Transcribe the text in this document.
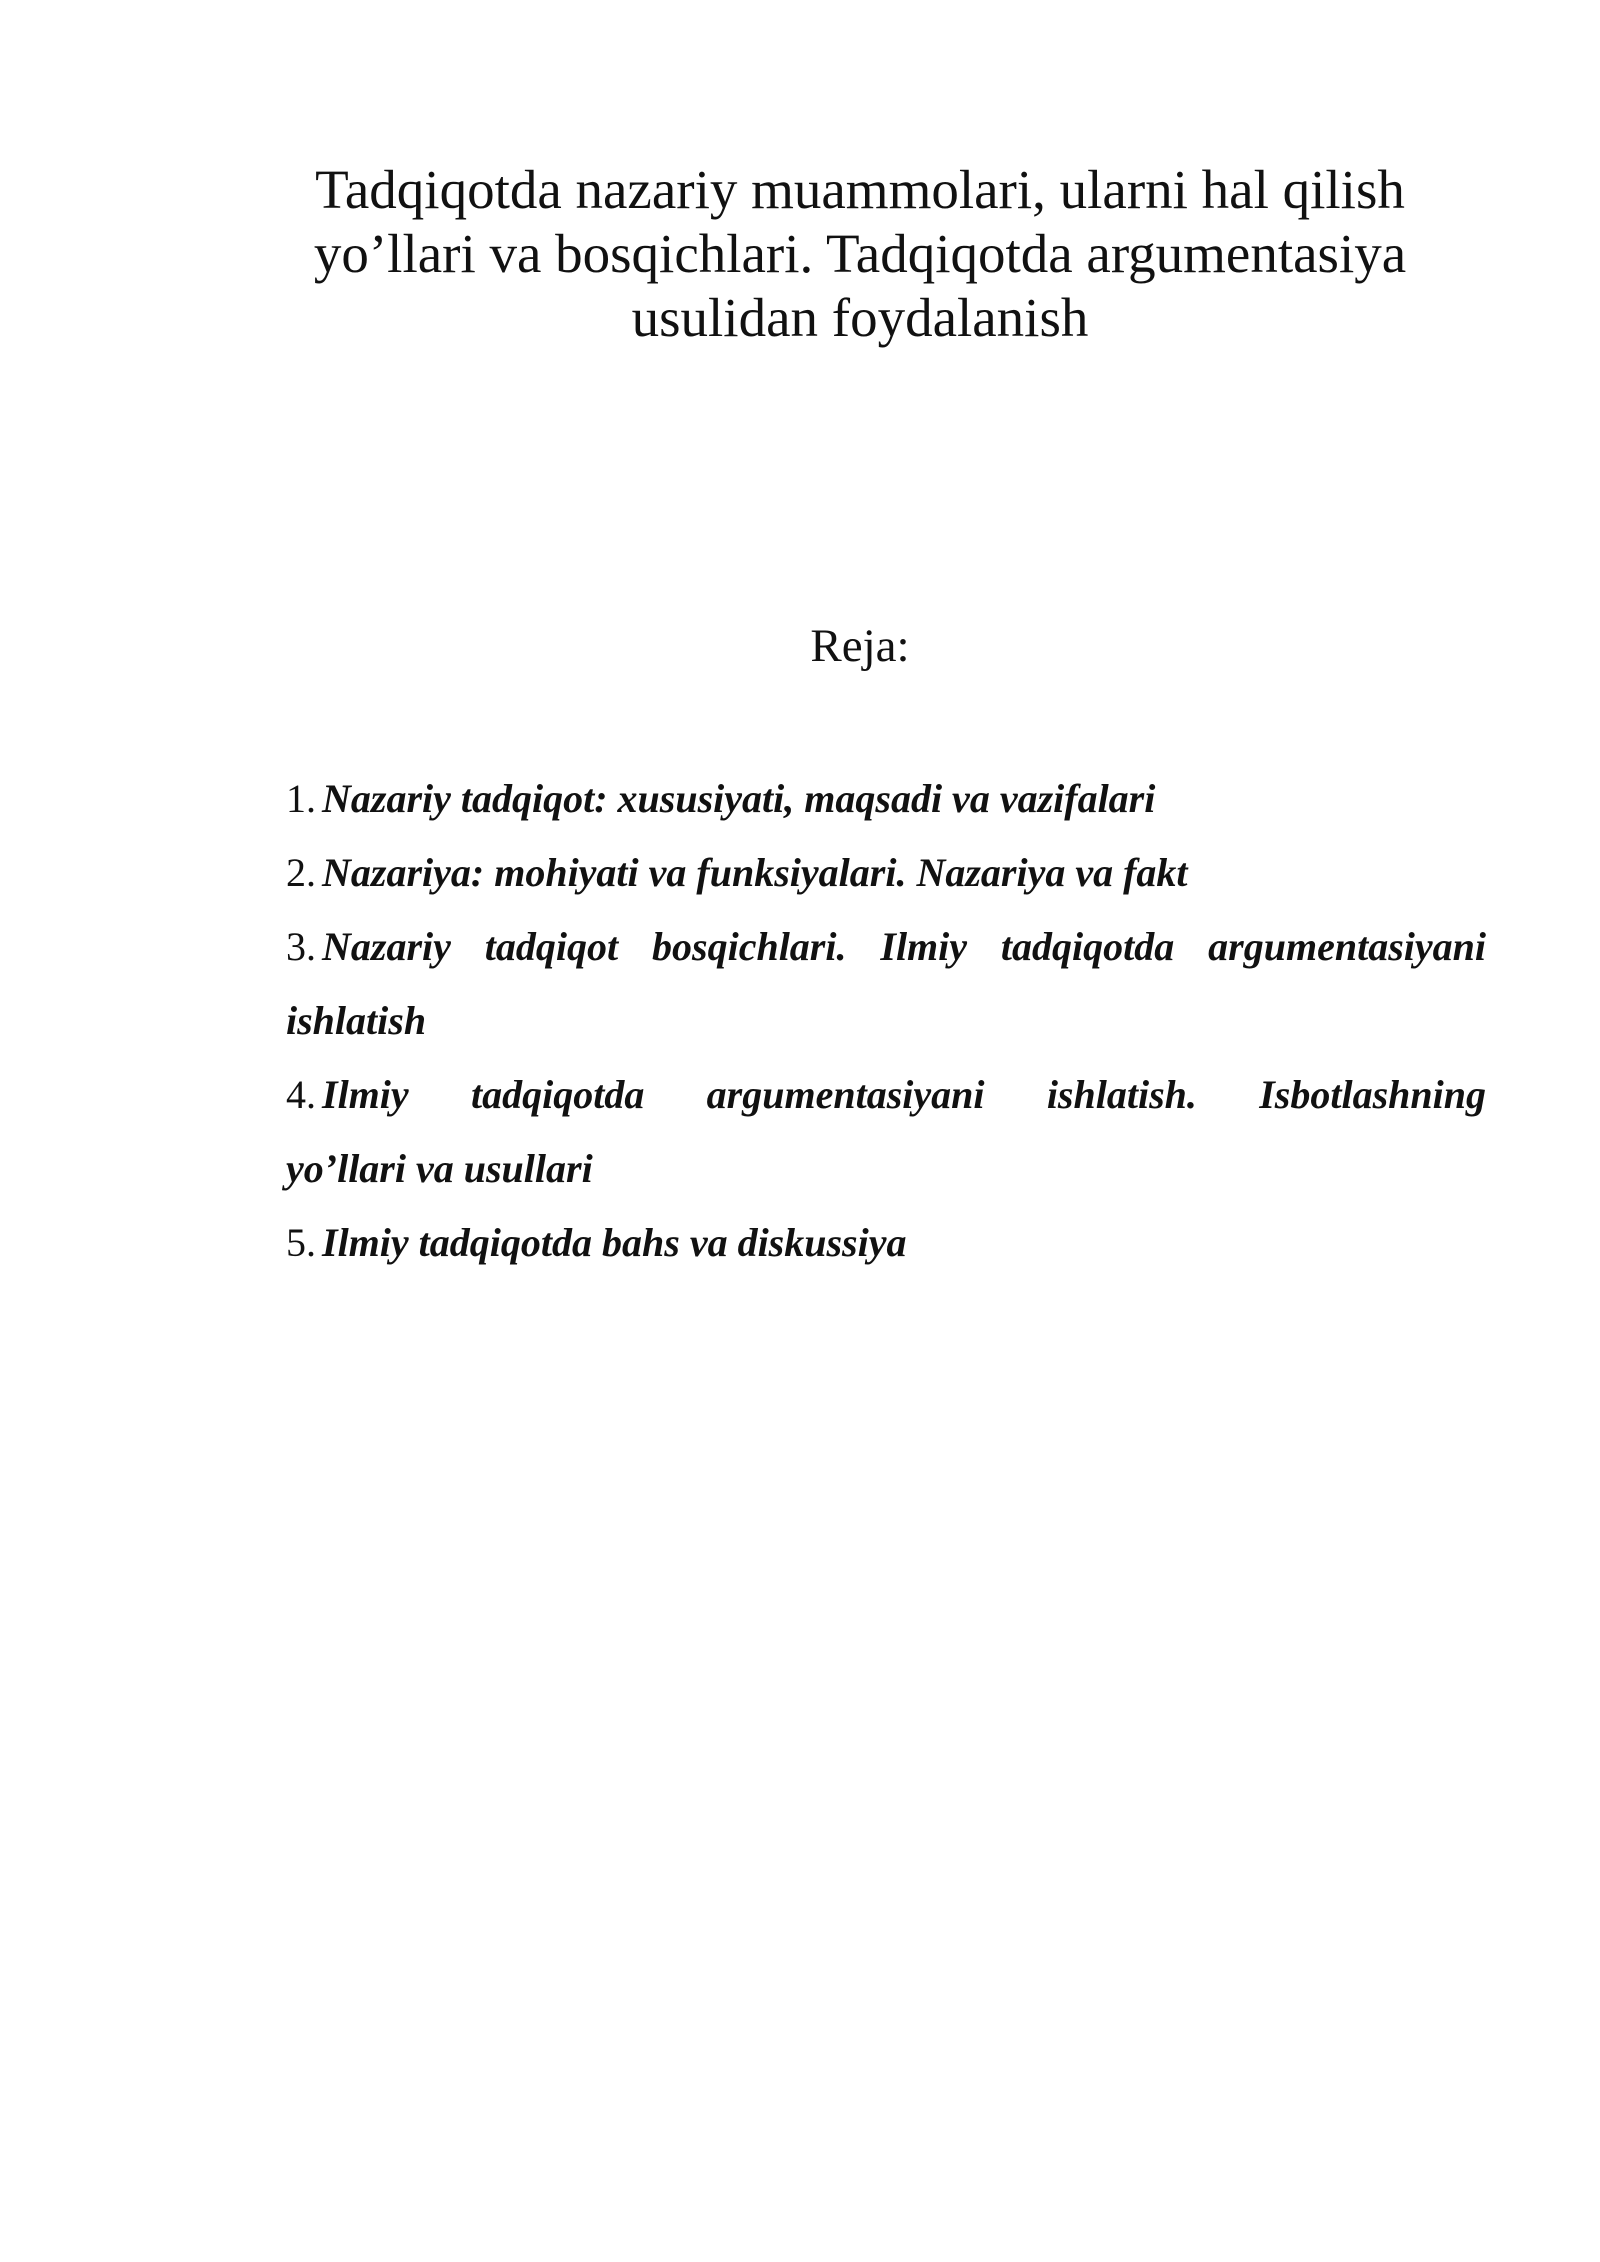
Tadqiqotda nazariy muammolari, ularni hal qilish
yo’llari va bosqichlari. Tadqiqotda argumentasiya
usulidan foydalanish
Reja:
1. Nazariy tadqiqot: xususiyati, maqsadi va vazifalari
2. Nazariya: mohiyati va funksiyalari. Nazariya va fakt
3. Nazariy tadqiqot bosqichlari. Ilmiy tadqiqotda argumentasiyani
ishlatish
4. Ilmiy tadqiqotda argumentasiyani ishlatish. Isbotlashning
yo’llari va usullari
5. Ilmiy tadqiqotda bahs va diskussiya
